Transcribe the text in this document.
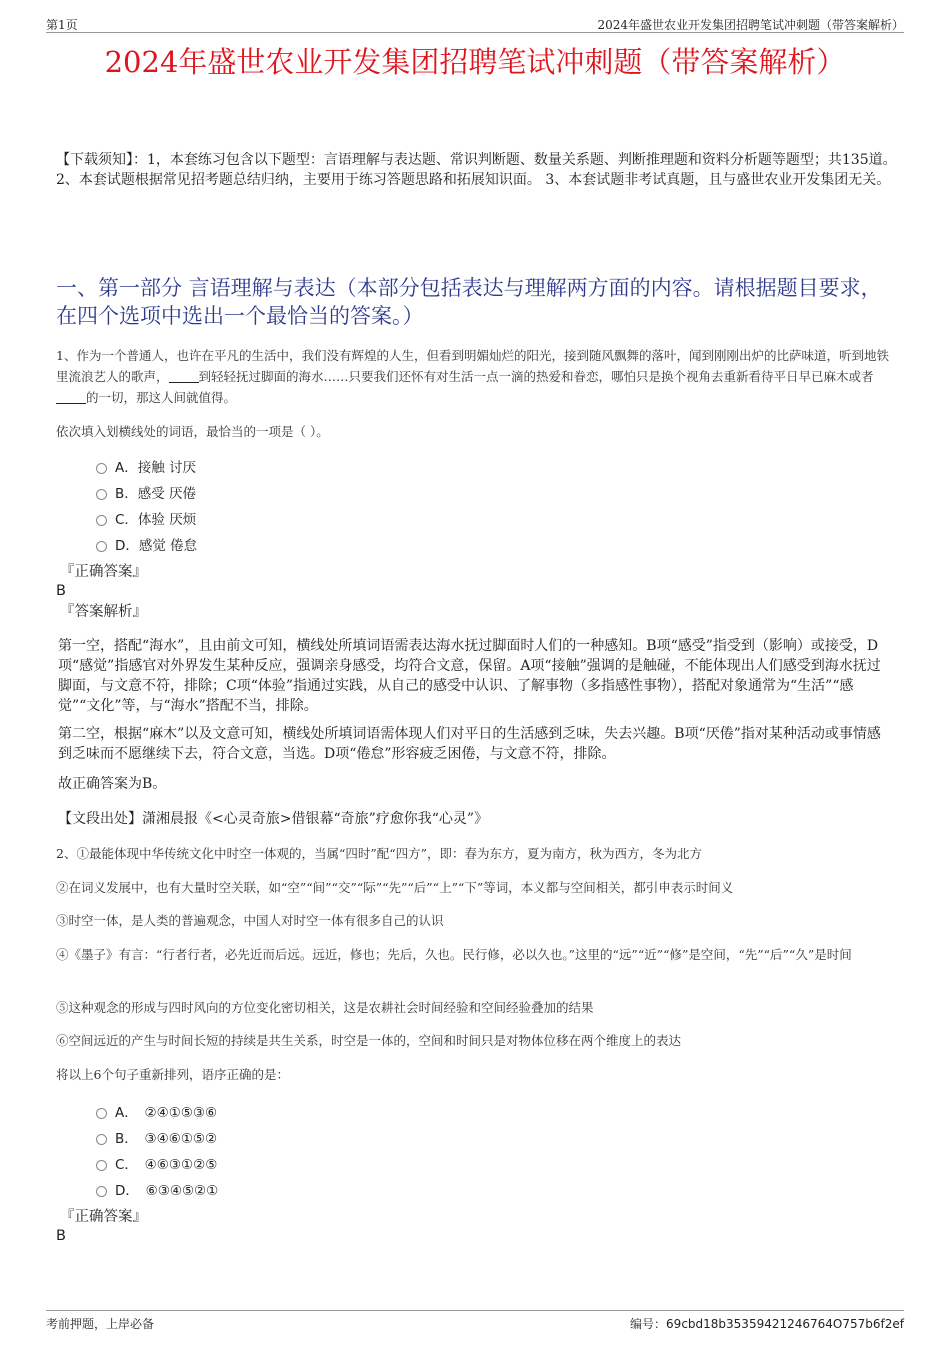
第1页	2024年盛世农业开发集团招聘笔试冲刺题（带答案解析）
2024年盛世农业开发集团招聘笔试冲刺题（带答案解析）

【下载须知】：1，本套练习包含以下题型：言语理解与表达题、常识判断题、数量关系题、判断推理题和资料分析题等题型；共135道。 2、本套试题根据常见招考题总结归纳，主要用于练习答题思路和拓展知识面。 3、本套试题非考试真题，且与盛世农业开发集团无关。

一、第一部分 言语理解与表达（本部分包括表达与理解两方面的内容。请根据题目要求，在四个选项中选出一个最恰当的答案。）

1、作为一个普通人，也许在平凡的生活中，我们没有辉煌的人生，但看到明媚灿烂的阳光，接到随风飘舞的落叶，闻到刚刚出炉的比萨味道，听到地铁里流浪艺人的歌声， 到轻轻抚过脚面的海水……只要我们还怀有对生活一点一滴的热爱和眷恋，哪怕只是换个视角去重新看待平日早已麻木或者的一切，那这人间就值得。

依次填入划横线处的词语，最恰当的一项是（ ）。

A．接触 讨厌
B．感受 厌倦
C．体验 厌烦
D．感觉 倦怠

『正确答案』

B

『答案解析』

第一空，搭配“海水”，且由前文可知，横线处所填词语需表达海水抚过脚面时人们的一种感知。B项“感受”指受到（影响）或接受，D项“感觉”指感官对外界发生某种反应，强调亲身感受，均符合文意，保留。A项“接触”强调的是触碰，不能体现出人们感受到海水抚过脚面，与文意不符，排除；C项“体验”指通过实践，从自己的感受中认识、了解事物（多指感性事物），搭配对象通常为“生活”“感觉”“文化”等，与“海水”搭配不当，排除。

第二空，根据“麻木”以及文意可知，横线处所填词语需体现人们对平日的生活感到乏味，失去兴趣。B项“厌倦”指对某种活动或事情感到乏味而不愿继续下去，符合文意，当选。D项“倦怠”形容疲乏困倦，与文意不符，排除。

故正确答案为B。

【文段出处】潇湘晨报《<心灵奇旅>借银幕“奇旅”疗愈你我“心灵”》

2、①最能体现中华传统文化中时空一体观的，当属“四时”配“四方”，即：春为东方，夏为南方，秋为西方，冬为北方

②在词义发展中，也有大量时空关联，如“空”“间”“交”“际”“先”“后”“上”“下”等词，本义都与空间相关，都引申表示时间义

③时空一体，是人类的普遍观念，中国人对时空一体有很多自己的认识

④《墨子》有言：“行者行者，必先近而后远。远近，修也；先后，久也。民行修，必以久也。”这里的“远”“近”“修”是空间，“先”“后”“久”是时间

⑤这种观念的形成与四时风向的方位变化密切相关，这是农耕社会时间经验和空间经验叠加的结果

⑥空间远近的产生与时间长短的持续是共生关系，时空是一体的，空间和时间只是对物体位移在两个维度上的表达

将以上6个句子重新排列，语序正确的是：

A．　②④①⑤③⑥
B．　③④⑥①⑤②
C．　④⑥③①②⑤
D．　⑥③④⑤②①

『正确答案』

B

考前押题，上岸必备	编号：69cbd18b35359421246764O757b6f2ef
